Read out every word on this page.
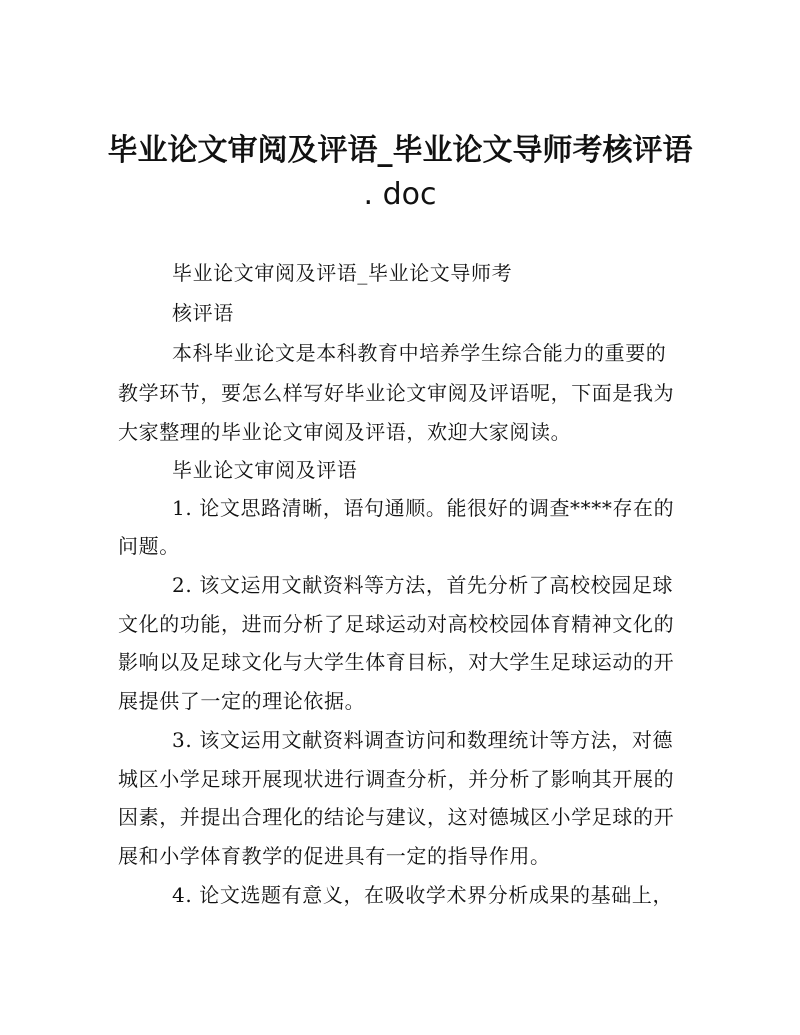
毕业论文审阅及评语_毕业论文导师考核评语
. doc
毕业论文审阅及评语_毕业论文导师考
核评语
本科毕业论文是本科教育中培养学生综合能力的重要的
教学环节，要怎么样写好毕业论文审阅及评语呢，下面是我为
大家整理的毕业论文审阅及评语，欢迎大家阅读。
毕业论文审阅及评语
1. 论文思路清晰，语句通顺。能很好的调查****存在的
问题。
2. 该文运用文献资料等方法，首先分析了高校校园足球
文化的功能，进而分析了足球运动对高校校园体育精神文化的
影响以及足球文化与大学生体育目标，对大学生足球运动的开
展提供了一定的理论依据。
3. 该文运用文献资料调查访问和数理统计等方法，对德
城区小学足球开展现状进行调查分析，并分析了影响其开展的
因素，并提出合理化的结论与建议，这对德城区小学足球的开
展和小学体育教学的促进具有一定的指导作用。
4. 论文选题有意义，在吸收学术界分析成果的基础上，
